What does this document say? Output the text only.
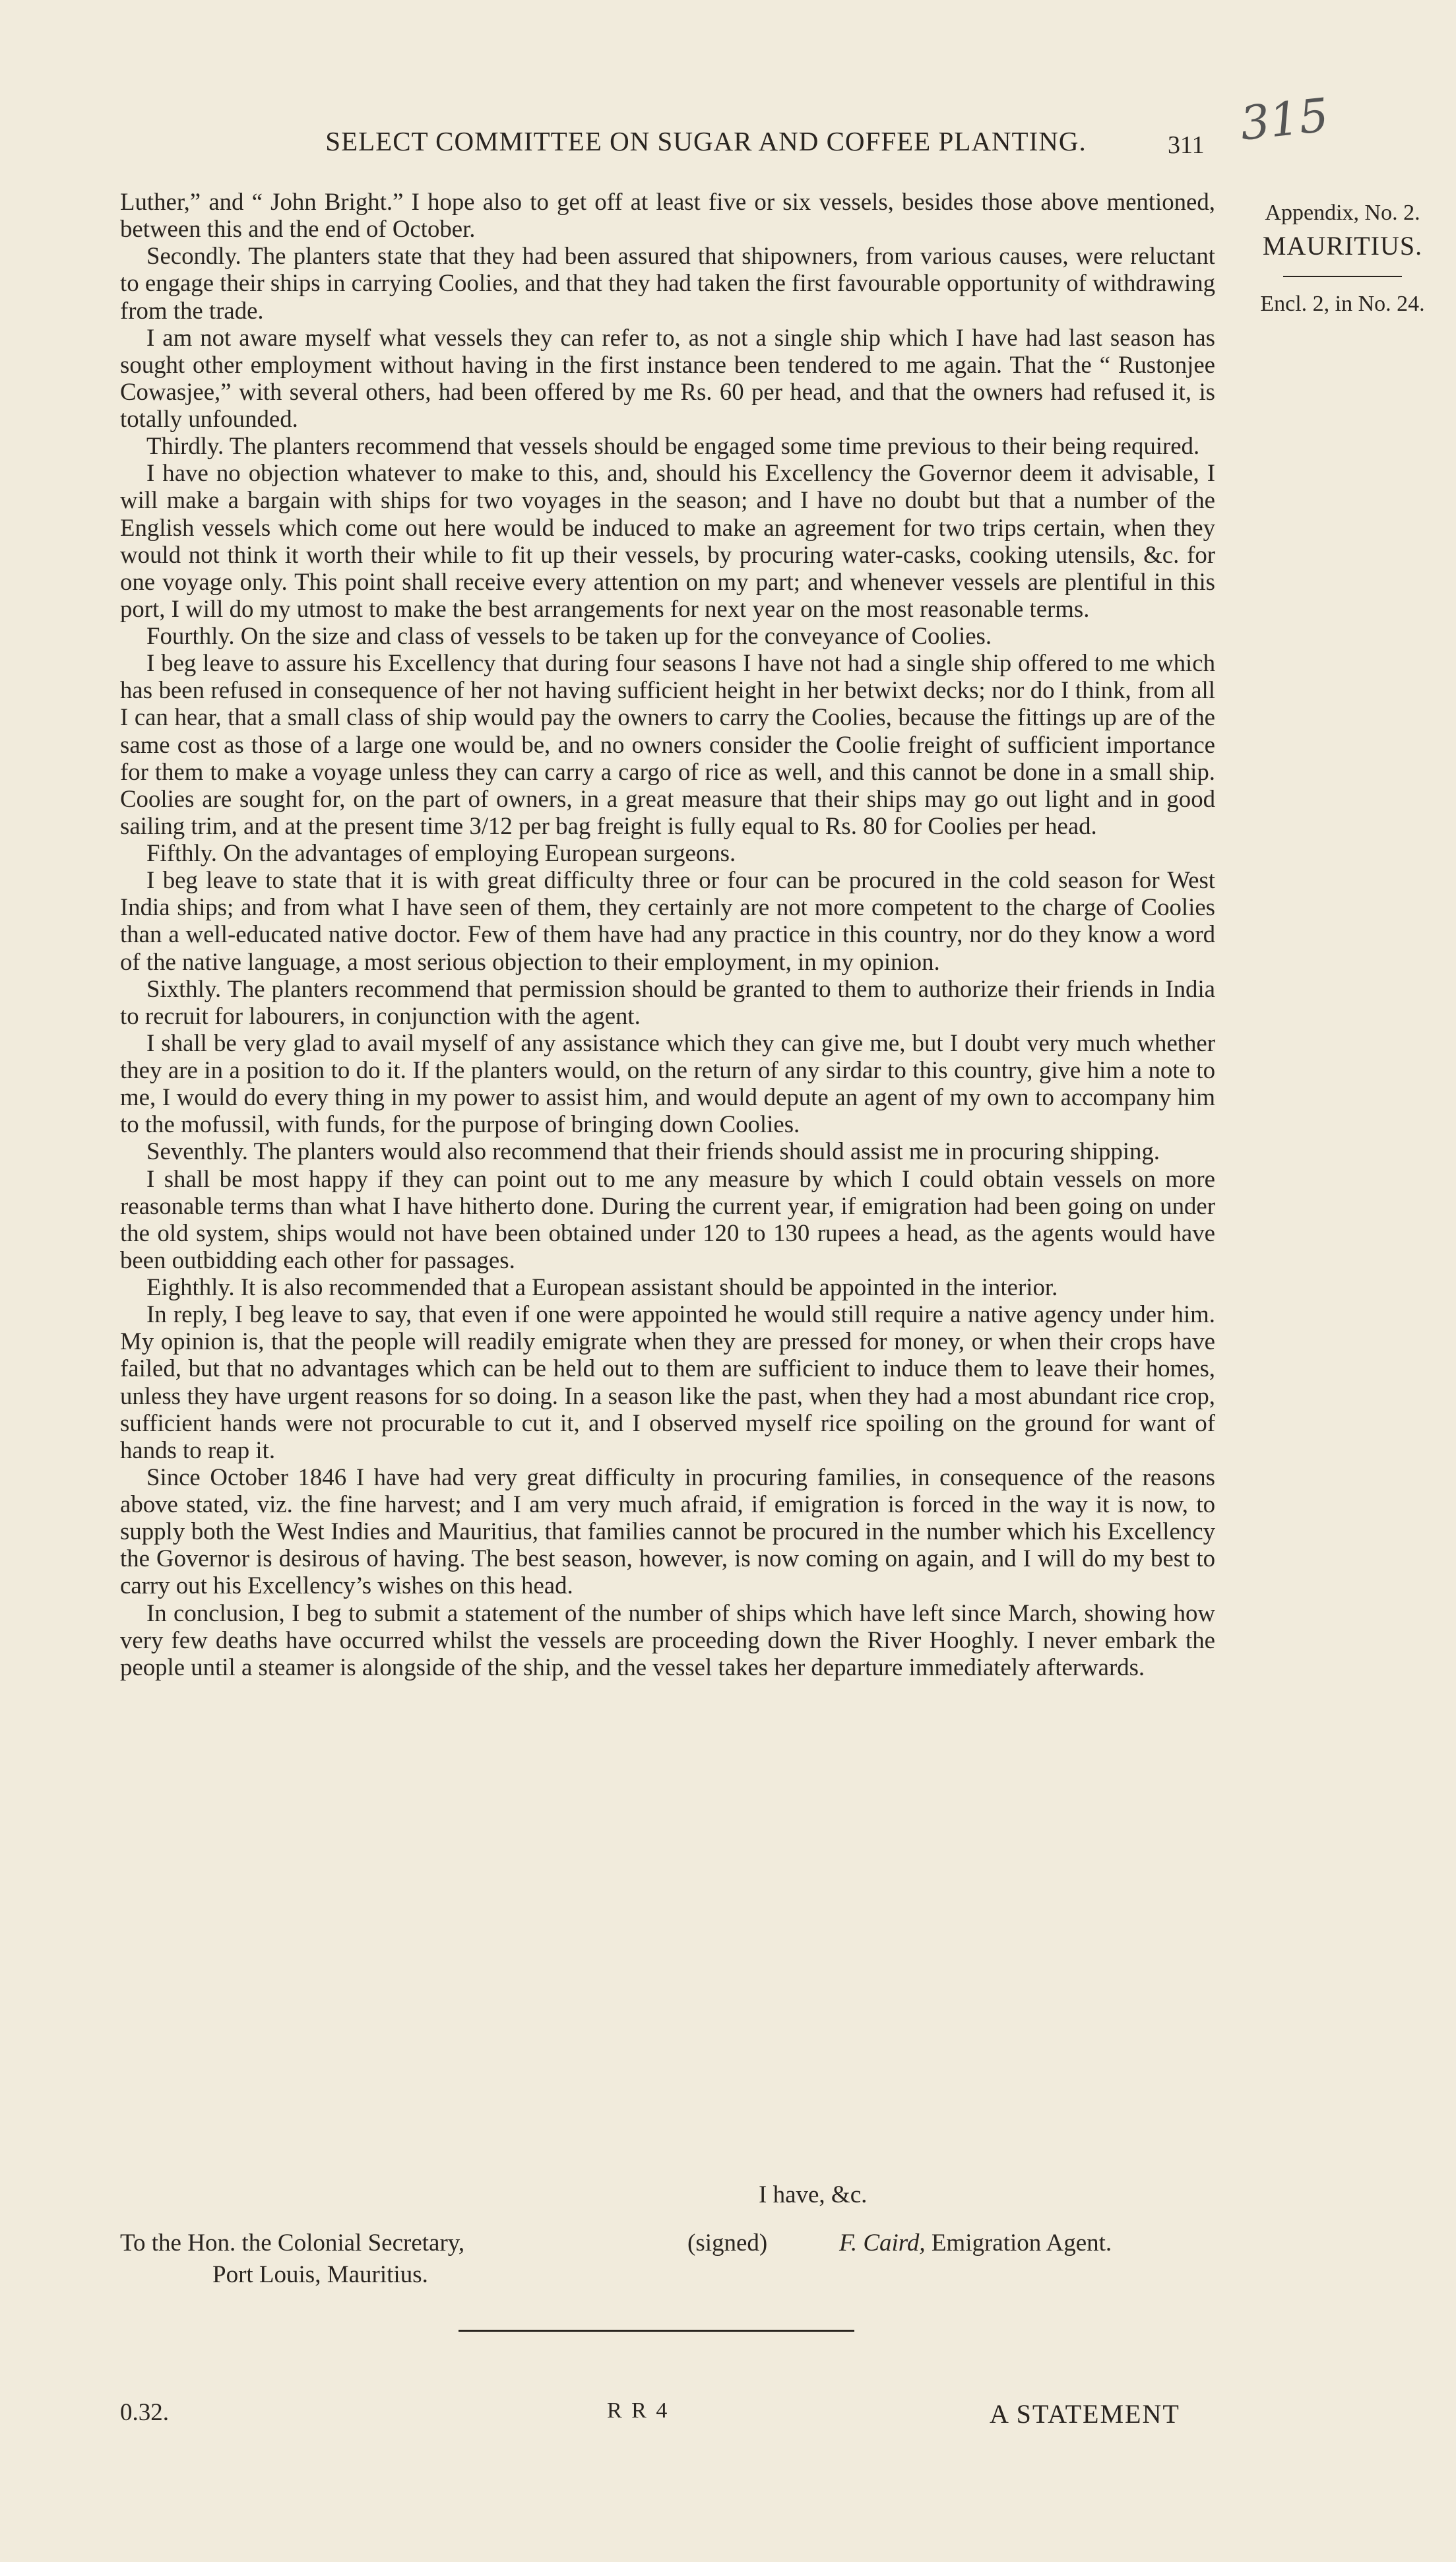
SELECT COMMITTEE ON SUGAR AND COFFEE PLANTING.	311 315
Appendix, No. 2.
MAURITIUS.
Encl. 2, in No. 24.

Luther,” and “ John Bright.” I hope also to get off at least five or six vessels, besides those above mentioned, between this and the end of October.

Secondly. The planters state that they had been assured that shipowners, from various causes, were reluctant to engage their ships in carrying Coolies, and that they had taken the first favourable opportunity of withdrawing from the trade.

I am not aware myself what vessels they can refer to, as not a single ship which I have had last season has sought other employment without having in the first instance been tendered to me again. That the “ Rustonjee Cowasjee,” with several others, had been offered by me Rs. 60 per head, and that the owners had refused it, is totally unfounded.

Thirdly. The planters recommend that vessels should be engaged some time previous to their being required.

I have no objection whatever to make to this, and, should his Excellency the Governor deem it advisable, I will make a bargain with ships for two voyages in the season; and I have no doubt but that a number of the English vessels which come out here would be induced to make an agreement for two trips certain, when they would not think it worth their while to fit up their vessels, by procuring water-casks, cooking utensils, &c. for one voyage only. This point shall receive every attention on my part; and whenever vessels are plentiful in this port, I will do my utmost to make the best arrangements for next year on the most reasonable terms.

Fourthly. On the size and class of vessels to be taken up for the conveyance of Coolies.

I beg leave to assure his Excellency that during four seasons I have not had a single ship offered to me which has been refused in consequence of her not having sufficient height in her betwixt decks; nor do I think, from all I can hear, that a small class of ship would pay the owners to carry the Coolies, because the fittings up are of the same cost as those of a large one would be, and no owners consider the Coolie freight of sufficient importance for them to make a voyage unless they can carry a cargo of rice as well, and this cannot be done in a small ship. Coolies are sought for, on the part of owners, in a great measure that their ships may go out light and in good sailing trim, and at the present time 3/12 per bag freight is fully equal to Rs. 80 for Coolies per head.

Fifthly. On the advantages of employing European surgeons.

I beg leave to state that it is with great difficulty three or four can be procured in the cold season for West India ships; and from what I have seen of them, they certainly are not more competent to the charge of Coolies than a well-educated native doctor. Few of them have had any practice in this country, nor do they know a word of the native language, a most serious objection to their employment, in my opinion.

Sixthly. The planters recommend that permission should be granted to them to authorize their friends in India to recruit for labourers, in conjunction with the agent.

I shall be very glad to avail myself of any assistance which they can give me, but I doubt very much whether they are in a position to do it. If the planters would, on the return of any sirdar to this country, give him a note to me, I would do every thing in my power to assist him, and would depute an agent of my own to accompany him to the mofussil, with funds, for the purpose of bringing down Coolies.

Seventhly. The planters would also recommend that their friends should assist me in procuring shipping.

I shall be most happy if they can point out to me any measure by which I could obtain vessels on more reasonable terms than what I have hitherto done. During the current year, if emigration had been going on under the old system, ships would not have been obtained under 120 to 130 rupees a head, as the agents would have been outbidding each other for passages.

Eighthly. It is also recommended that a European assistant should be appointed in the interior.

In reply, I beg leave to say, that even if one were appointed he would still require a native agency under him. My opinion is, that the people will readily emigrate when they are pressed for money, or when their crops have failed, but that no advantages which can be held out to them are sufficient to induce them to leave their homes, unless they have urgent reasons for so doing. In a season like the past, when they had a most abundant rice crop, sufficient hands were not procurable to cut it, and I observed myself rice spoiling on the ground for want of hands to reap it.

Since October 1846 I have had very great difficulty in procuring families, in consequence of the reasons above stated, viz. the fine harvest; and I am very much afraid, if emigration is forced in the way it is now, to supply both the West Indies and Mauritius, that families cannot be procured in the number which his Excellency the Governor is desirous of having. The best season, however, is now coming on again, and I will do my best to carry out his Excellency’s wishes on this head.

In conclusion, I beg to submit a statement of the number of ships which have left since March, showing how very few deaths have occurred whilst the vessels are proceeding down the River Hooghly. I never embark the people until a steamer is alongside of the ship, and the vessel takes her departure immediately afterwards.

I have, &c.
To the Hon. the Colonial Secretary,	(signed)	F. Caird, Emigration Agent.
Port Louis, Mauritius.
0.32.	R R 4	A STATEMENT
